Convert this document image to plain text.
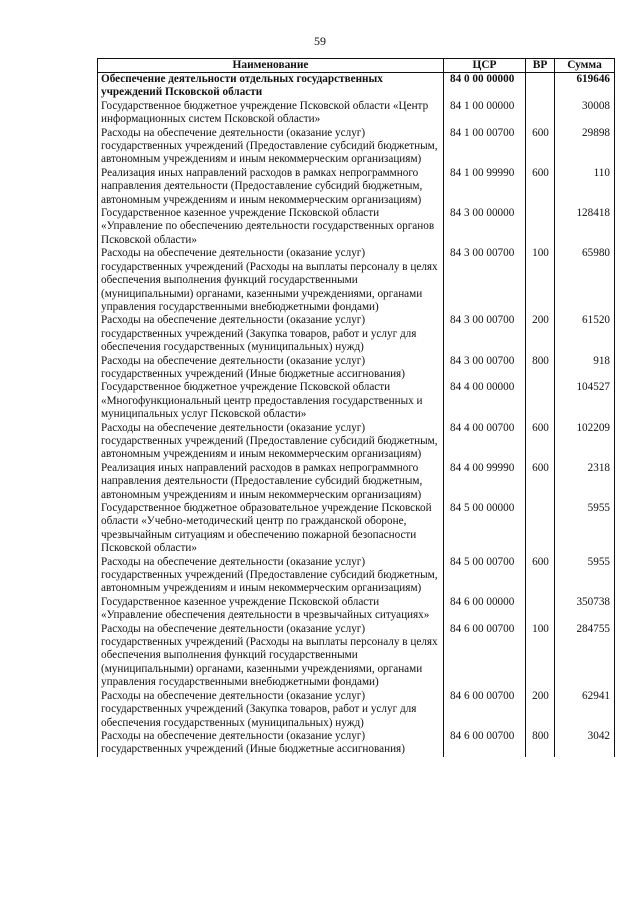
59
Наименование	ЦСР	ВР	Сумма
Обеспечение деятельности отдельных государственных учреждений Псковской области	84 0 00 00000		619646
Государственное бюджетное учреждение Псковской области «Центр информационных систем Псковской области»	84 1 00 00000		30008
Расходы на обеспечение деятельности (оказание услуг) государственных учреждений (Предоставление субсидий бюджетным, автономным учреждениям и иным некоммерческим организациям)	84 1 00 00700	600	29898
Реализация иных направлений расходов в рамках непрограммного направления деятельности (Предоставление субсидий бюджетным, автономным учреждениям и иным некоммерческим организациям)	84 1 00 99990	600	110
Государственное казенное учреждение Псковской области «Управление по обеспечению деятельности государственных органов Псковской области»	84 3 00 00000		128418
Расходы на обеспечение деятельности (оказание услуг) государственных учреждений (Расходы на выплаты персоналу в целях обеспечения выполнения функций государственными (муниципальными) органами, казенными учреждениями, органами управления государственными внебюджетными фондами)	84 3 00 00700	100	65980
Расходы на обеспечение деятельности (оказание услуг) государственных учреждений (Закупка товаров, работ и услуг для обеспечения государственных (муниципальных) нужд)	84 3 00 00700	200	61520
Расходы на обеспечение деятельности (оказание услуг) государственных учреждений (Иные бюджетные ассигнования)	84 3 00 00700	800	918
Государственное бюджетное учреждение Псковской области «Многофункциональный центр предоставления государственных и муниципальных услуг Псковской области»	84 4 00 00000		104527
Расходы на обеспечение деятельности (оказание услуг) государственных учреждений (Предоставление субсидий бюджетным, автономным учреждениям и иным некоммерческим организациям)	84 4 00 00700	600	102209
Реализация иных направлений расходов в рамках непрограммного направления деятельности (Предоставление субсидий бюджетным, автономным учреждениям и иным некоммерческим организациям)	84 4 00 99990	600	2318
Государственное бюджетное образовательное учреждение Псковской области «Учебно-методический центр по гражданской обороне, чрезвычайным ситуациям и обеспечению пожарной безопасности Псковской области»	84 5 00 00000		5955
Расходы на обеспечение деятельности (оказание услуг) государственных учреждений (Предоставление субсидий бюджетным, автономным учреждениям и иным некоммерческим организациям)	84 5 00 00700	600	5955
Государственное казенное учреждение Псковской области «Управление обеспечения деятельности в чрезвычайных ситуациях»	84 6 00 00000		350738
Расходы на обеспечение деятельности (оказание услуг) государственных учреждений (Расходы на выплаты персоналу в целях обеспечения выполнения функций государственными (муниципальными) органами, казенными учреждениями, органами управления государственными внебюджетными фондами)	84 6 00 00700	100	284755
Расходы на обеспечение деятельности (оказание услуг) государственных учреждений (Закупка товаров, работ и услуг для обеспечения государственных (муниципальных) нужд)	84 6 00 00700	200	62941
Расходы на обеспечение деятельности (оказание услуг) государственных учреждений (Иные бюджетные ассигнования)	84 6 00 00700	800	3042
